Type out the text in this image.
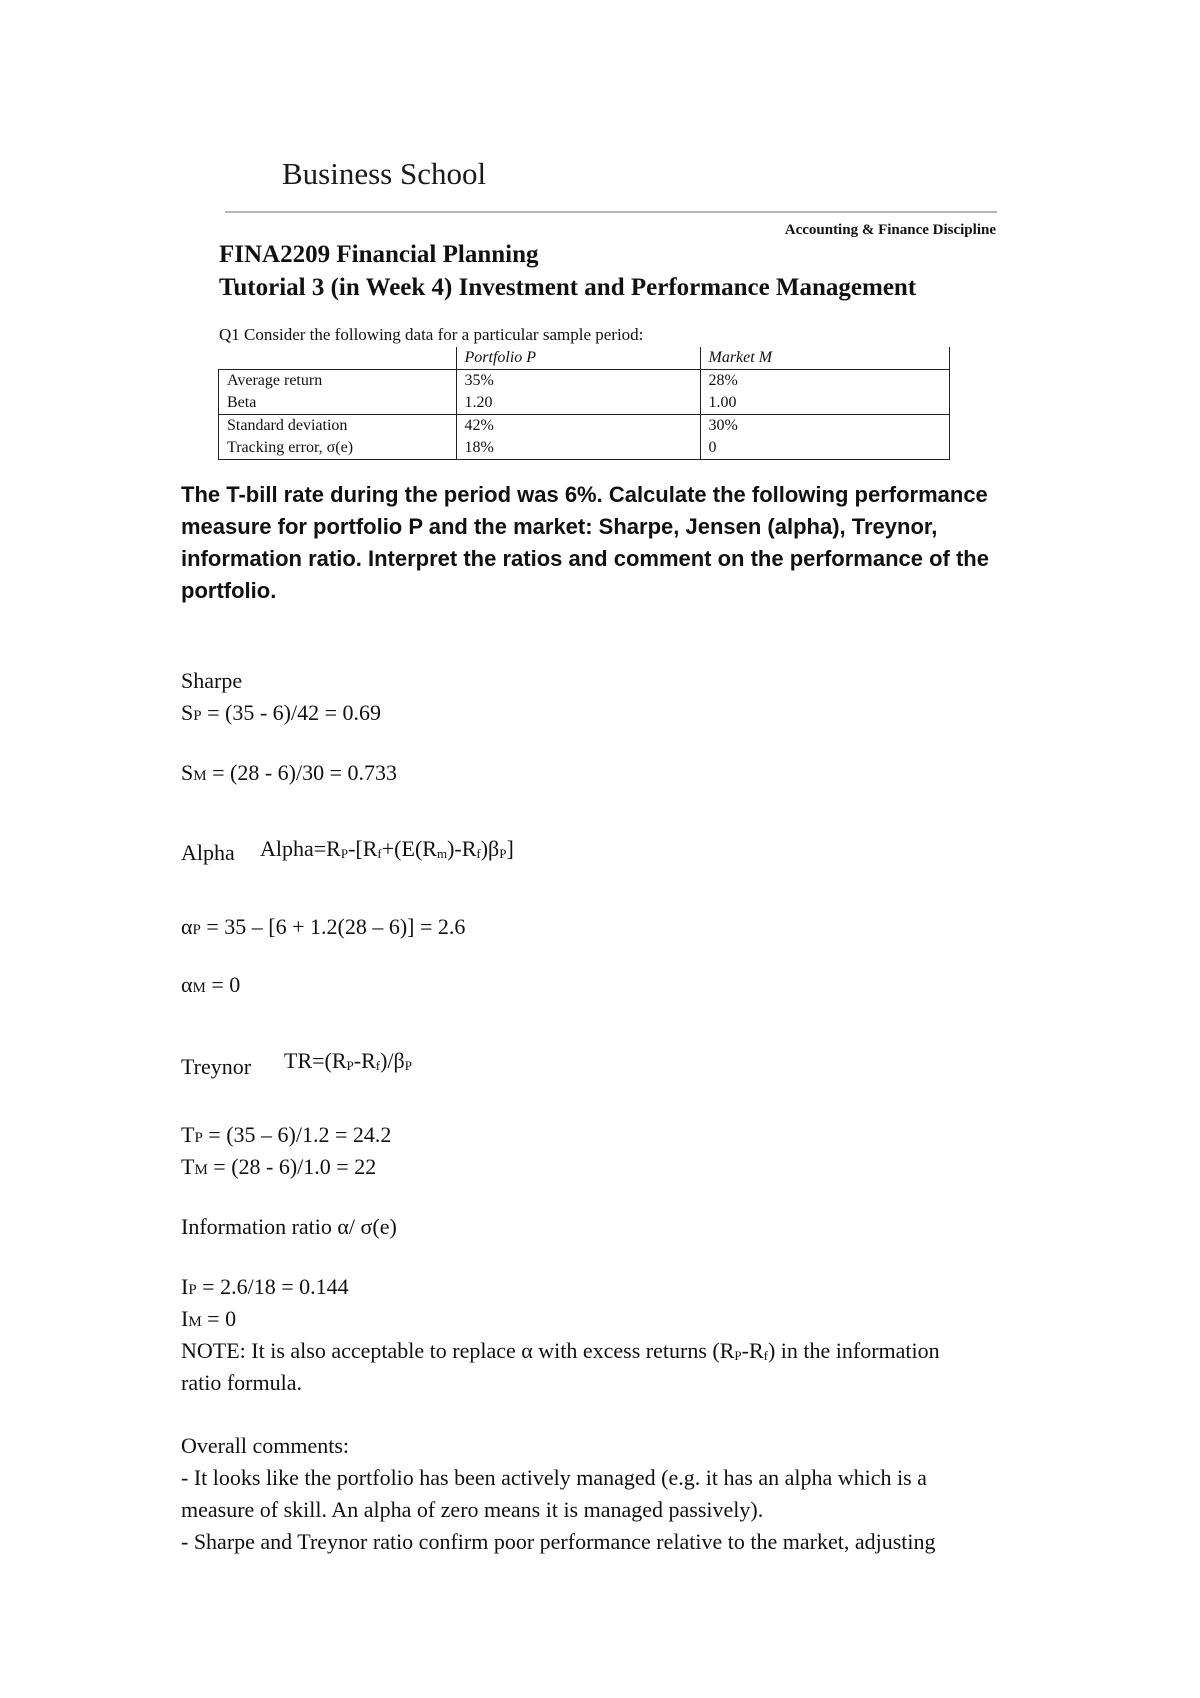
Business School
Accounting & Finance Discipline
FINA2209 Financial Planning
Tutorial 3 (in Week 4) Investment and Performance Management
Q1 Consider the following data for a particular sample period:
	Portfolio P	Market M
Average return	35%	28%
Beta	1.20	1.00
Standard deviation	42%	30%
Tracking error, σ(e)	18%	0
The T-bill rate during the period was 6%. Calculate the following performance measure for portfolio P and the market: Sharpe, Jensen (alpha), Treynor, information ratio. Interpret the ratios and comment on the performance of the portfolio.
Sharpe
SP = (35 - 6)/42 = 0.69
SM = (28 - 6)/30 = 0.733
Alpha Alpha=RP-[Rf+(E(Rm)-Rf)βP]
αP = 35 – [6 + 1.2(28 – 6)] = 2.6
αM = 0
Treynor TR=(RP-Rf)/βP
TP = (35 – 6)/1.2 = 24.2
TM = (28 - 6)/1.0 = 22
Information ratio α/ σ(e)
IP = 2.6/18 = 0.144
IM = 0
NOTE: It is also acceptable to replace α with excess returns (RP-Rf) in the information
ratio formula.
Overall comments:
- It looks like the portfolio has been actively managed (e.g. it has an alpha which is a
measure of skill. An alpha of zero means it is managed passively).
- Sharpe and Treynor ratio confirm poor performance relative to the market, adjusting
